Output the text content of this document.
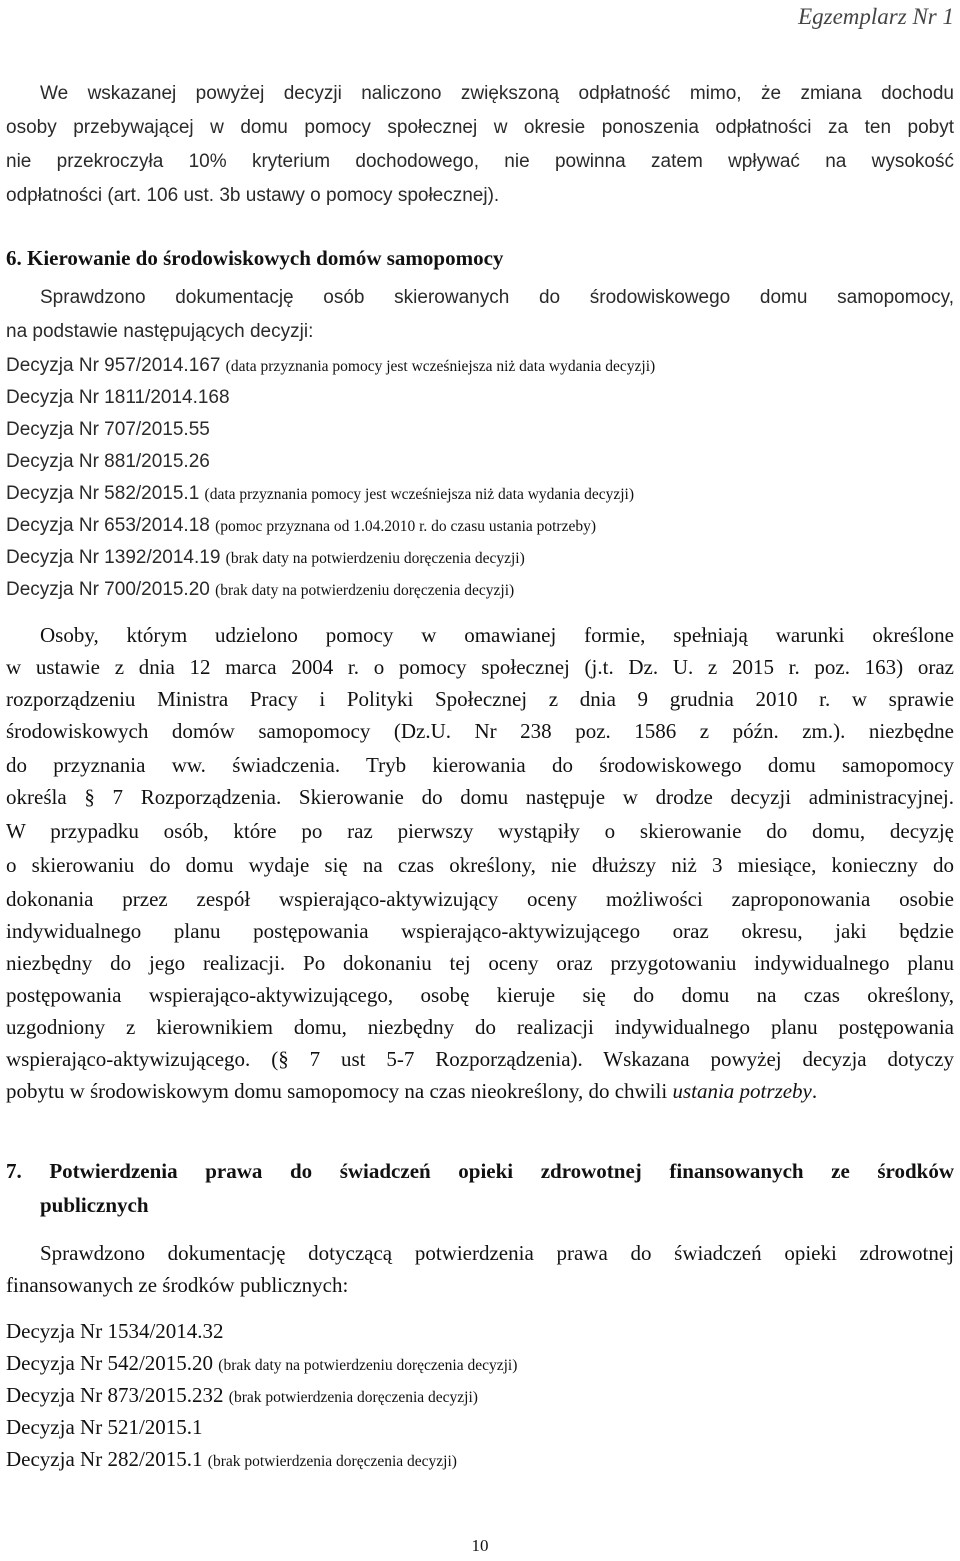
Egzemplarz Nr 1
We wskazanej powyżej decyzji naliczono zwiększoną odpłatność mimo, że zmiana dochodu
osoby przebywającej w domu pomocy społecznej w okresie ponoszenia odpłatności za ten pobyt
nie przekroczyła 10% kryterium dochodowego, nie powinna zatem wpływać na wysokość
odpłatności (art. 106 ust. 3b ustawy o pomocy społecznej).
6. Kierowanie do środowiskowych domów samopomocy
Sprawdzono dokumentację osób skierowanych do środowiskowego domu samopomocy,
na podstawie następujących decyzji:
Decyzja Nr 957/2014.167 (data przyznania pomocy jest wcześniejsza niż data wydania decyzji)
Decyzja Nr 1811/2014.168
Decyzja Nr 707/2015.55
Decyzja Nr 881/2015.26
Decyzja Nr 582/2015.1 (data przyznania pomocy jest wcześniejsza niż data wydania decyzji)
Decyzja Nr 653/2014.18 (pomoc przyznana od 1.04.2010 r. do czasu ustania potrzeby)
Decyzja Nr 1392/2014.19 (brak daty na potwierdzeniu doręczenia decyzji)
Decyzja Nr 700/2015.20 (brak daty na potwierdzeniu doręczenia decyzji)
Osoby, którym udzielono pomocy w omawianej formie, spełniają warunki określone
w ustawie z dnia 12 marca 2004 r. o pomocy społecznej (j.t. Dz. U. z 2015 r. poz. 163) oraz
rozporządzeniu Ministra Pracy i Polityki Społecznej z dnia 9 grudnia 2010 r. w sprawie
środowiskowych domów samopomocy (Dz.U. Nr 238 poz. 1586 z późn. zm.). niezbędne
do przyznania ww. świadczenia. Tryb kierowania do środowiskowego domu samopomocy
określa § 7 Rozporządzenia. Skierowanie do domu następuje w drodze decyzji administracyjnej.
W przypadku osób, które po raz pierwszy wystąpiły o skierowanie do domu, decyzję
o skierowaniu do domu wydaje się na czas określony, nie dłuższy niż 3 miesiące, konieczny do
dokonania przez zespół wspierająco-aktywizujący oceny możliwości zaproponowania osobie
indywidualnego planu postępowania wspierająco-aktywizującego oraz okresu, jaki będzie
niezbędny do jego realizacji. Po dokonaniu tej oceny oraz przygotowaniu indywidualnego planu
postępowania wspierająco-aktywizującego, osobę kieruje się do domu na czas określony,
uzgodniony z kierownikiem domu, niezbędny do realizacji indywidualnego planu postępowania
wspierająco-aktywizującego. (§ 7 ust 5-7 Rozporządzenia). Wskazana powyżej decyzja dotyczy
pobytu w środowiskowym domu samopomocy na czas nieokreślony, do chwili ustania potrzeby.
7. Potwierdzenia prawa do świadczeń opieki zdrowotnej finansowanych ze środków
publicznych
Sprawdzono dokumentację dotyczącą potwierdzenia prawa do świadczeń opieki zdrowotnej
finansowanych ze środków publicznych:
Decyzja Nr 1534/2014.32
Decyzja Nr 542/2015.20 (brak daty na potwierdzeniu doręczenia decyzji)
Decyzja Nr 873/2015.232 (brak potwierdzenia doręczenia decyzji)
Decyzja Nr 521/2015.1
Decyzja Nr 282/2015.1 (brak potwierdzenia doręczenia decyzji)
10
